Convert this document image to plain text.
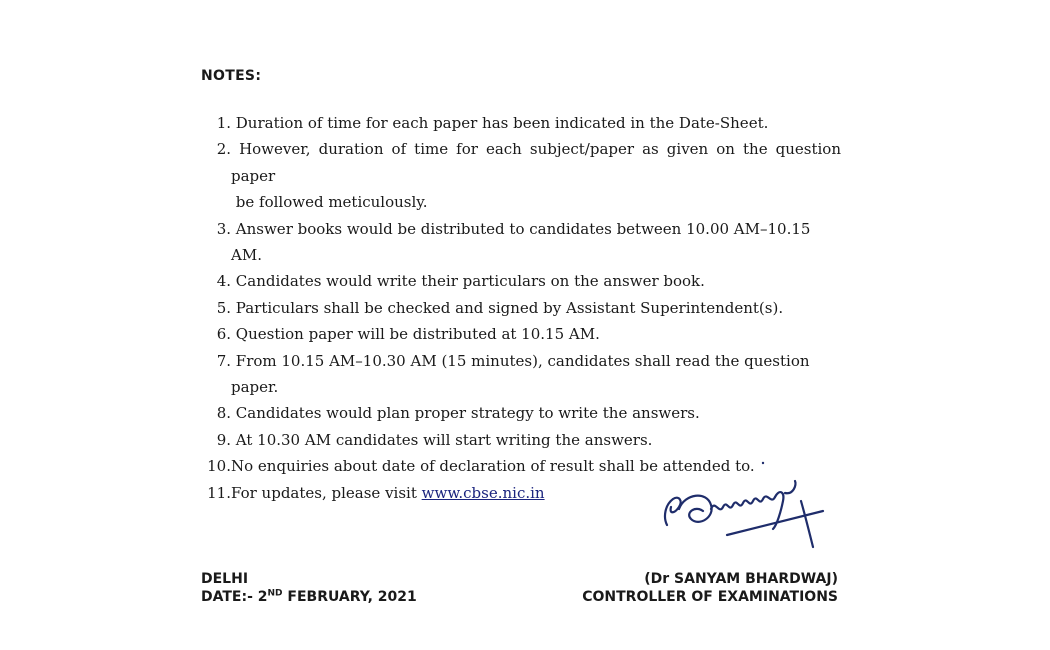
NOTES:
1. Duration of time for each paper has been indicated in the Date-Sheet.
2. However, duration of time for each subject/paper as given on the question paper
be followed meticulously.
3. Answer books would be distributed to candidates between 10.00 AM–10.15 AM.
4. Candidates would write their particulars on the answer book.
5. Particulars shall be checked and signed by Assistant Superintendent(s).
6. Question paper will be distributed at 10.15 AM.
7. From 10.15 AM–10.30 AM (15 minutes), candidates shall read the question paper.
8. Candidates would plan proper strategy to write the answers.
9. At 10.30 AM candidates will start writing the answers.
10. No enquiries about date of declaration of result shall be attended to.
11. For updates, please visit www.cbse.nic.in
DELHI
DATE:- 2ND FEBRUARY, 2021
(Dr SANYAM BHARDWAJ)
CONTROLLER OF EXAMINATIONS
